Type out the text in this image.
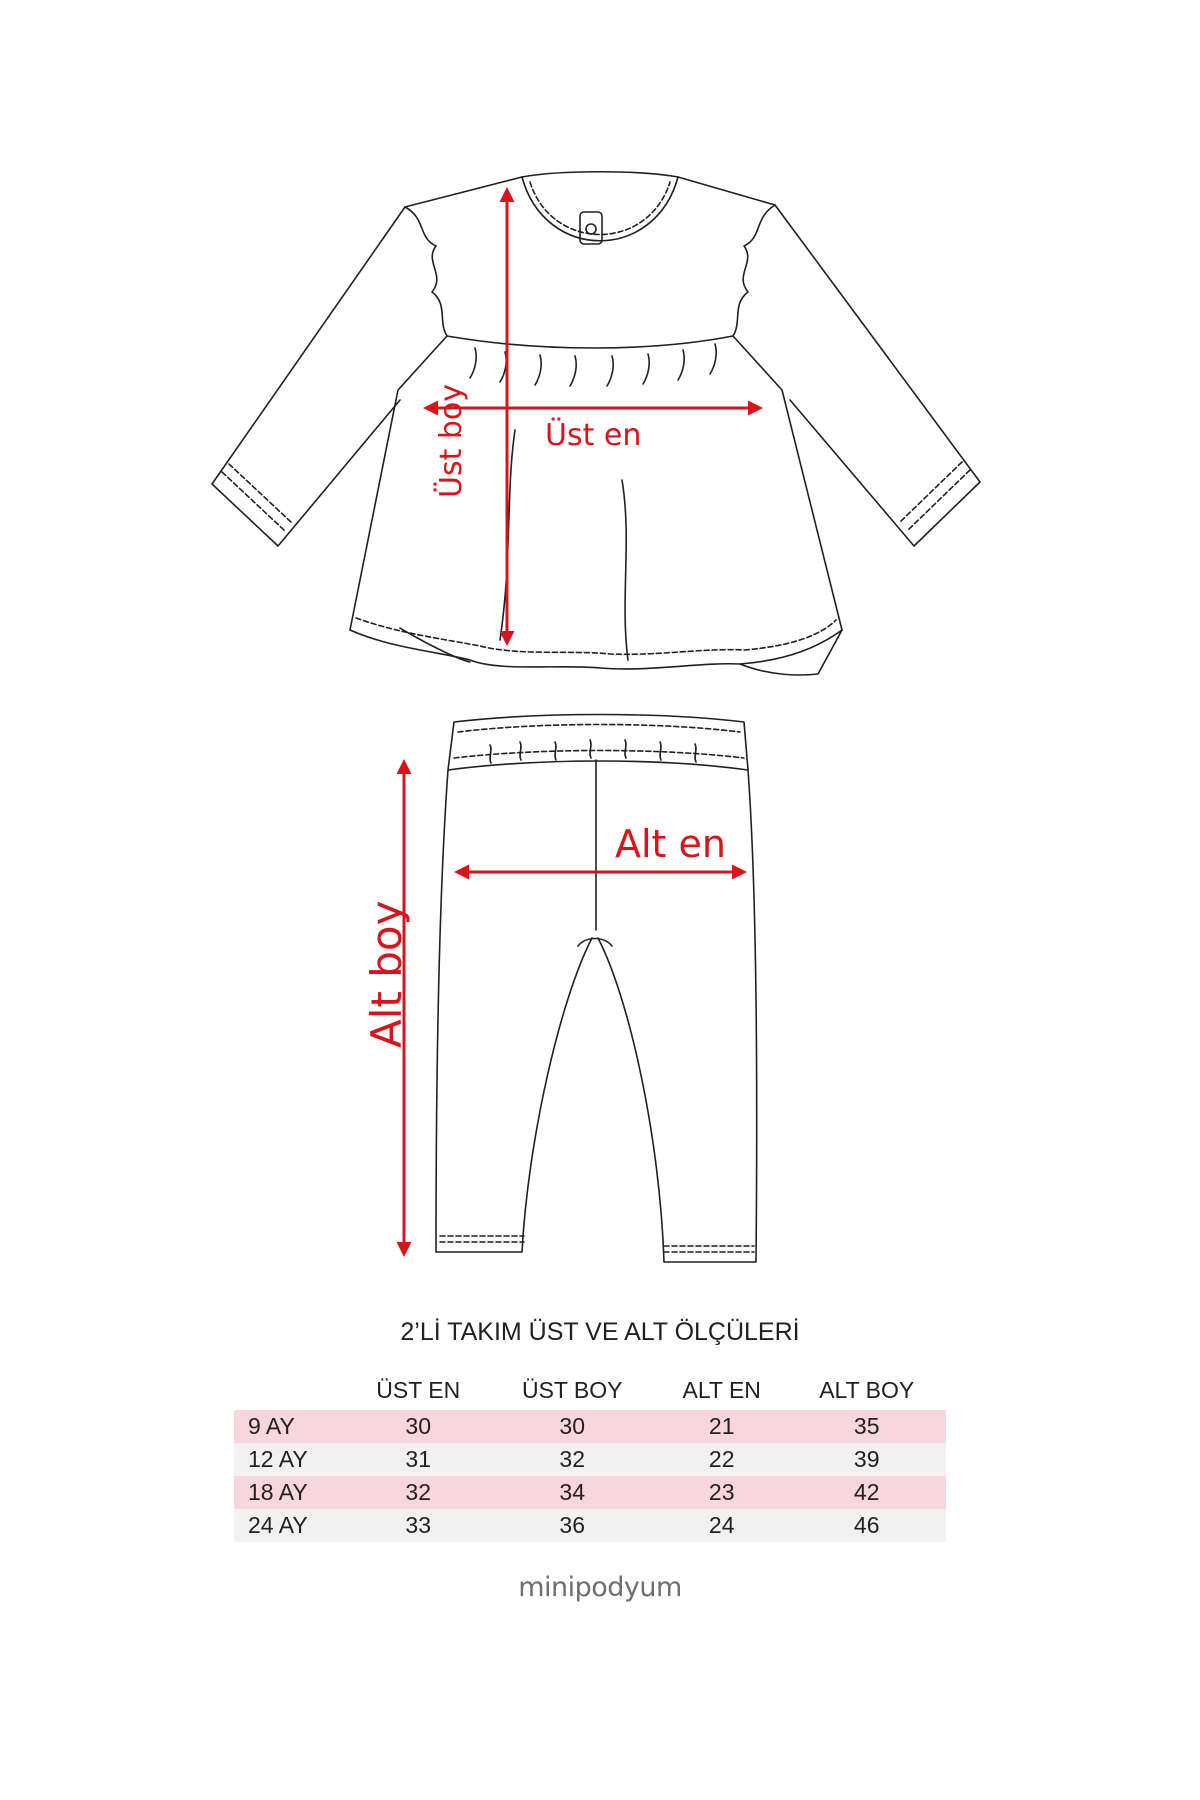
Üst en
Üst boy
Alt en
Alt boy
2’Lİ TAKIM ÜST VE ALT ÖLÇÜLERİ
	ÜST EN	ÜST BOY	ALT EN	ALT BOY
9 AY	30	30	21	35
12 AY	31	32	22	39
18 AY	32	34	23	42
24 AY	33	36	24	46
minipodyum
